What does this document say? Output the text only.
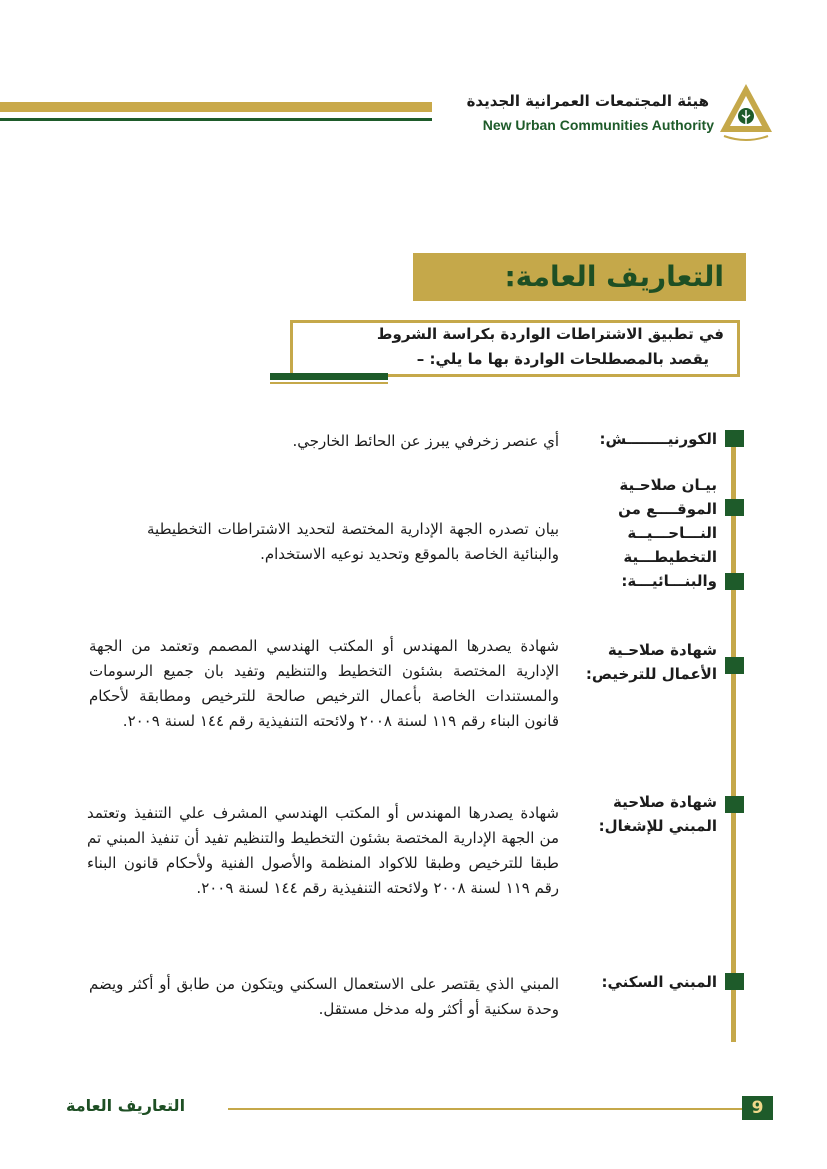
هيئة المجتمعات العمرانية الجديدة
New Urban Communities Authority
التعاريف العامة:
في تطبيق الاشتراطات الواردة بكراسة الشروط
يقصد بالمصطلحات الواردة بها ما يلي: –
الكورنيــــــــش:
أي عنصر زخرفي يبرز عن الحائط الخارجي.
بيـان صلاحـية
الموقــــع من
النـــاحـــيــة
التخطيطـــية
والبنـــائيـــة:
بيان تصدره الجهة الإدارية المختصة لتحديد الاشتراطات التخطيطية والبنائية الخاصة بالموقع وتحديد نوعيه الاستخدام.
شهادة صلاحـية
الأعمال للترخيص:
شهادة يصدرها المهندس أو المكتب الهندسي المصمم وتعتمد من الجهة الإدارية المختصة بشئون التخطيط والتنظيم وتفيد بان جميع الرسومات والمستندات الخاصة بأعمال الترخيص صالحة للترخيص ومطابقة لأحكام قانون البناء رقم ١١٩ لسنة ٢٠٠٨ ولائحته التنفيذية رقم ١٤٤ لسنة ٢٠٠٩.
شهادة صلاحية
المبني للإشغال:
شهادة يصدرها المهندس أو المكتب الهندسي المشرف علي التنفيذ وتعتمد من الجهة الإدارية المختصة بشئون التخطيط والتنظيم تفيد أن تنفيذ المبني تم طبقا للترخيص وطبقا للاكواد المنظمة والأصول الفنية ولأحكام قانون البناء رقم ١١٩ لسنة ٢٠٠٨ ولائحته التنفيذية رقم ١٤٤ لسنة ٢٠٠٩.
المبني السكني:
المبني الذي يقتصر على الاستعمال السكني ويتكون من طابق أو أكثر ويضم وحدة سكنية أو أكثر وله مدخل مستقل.
9
التعاريف العامة
